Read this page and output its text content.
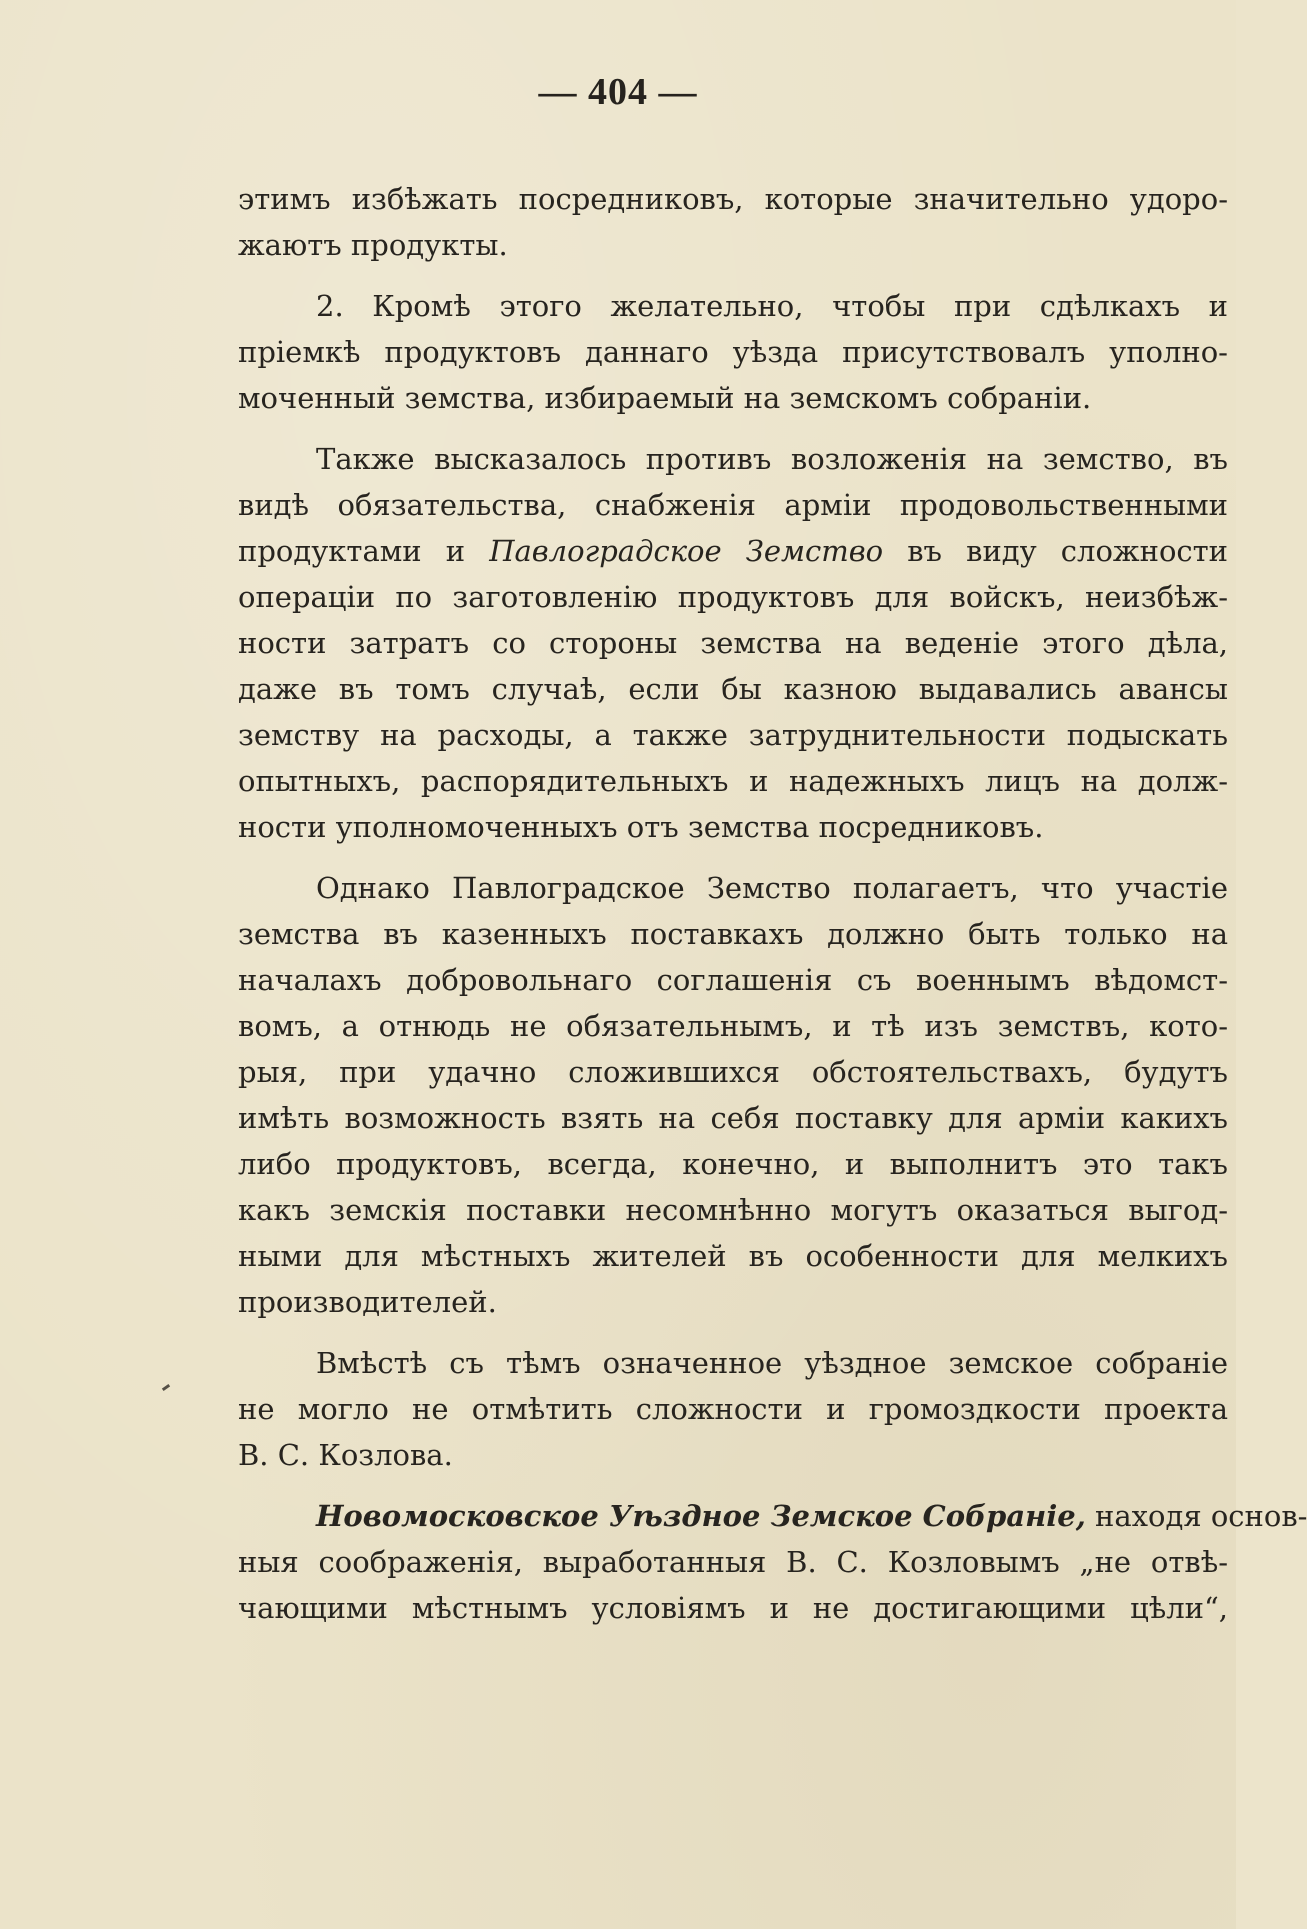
— 404 —

этимъ избѣжать посредниковъ, которые значительно удоро-
жаютъ продукты.

2. Кромѣ этого желательно, чтобы при сдѣлкахъ и
пріемкѣ продуктовъ даннаго уѣзда присутствовалъ уполно-
моченный земства, избираемый на земскомъ собраніи.

Также высказалось противъ возложенія на земство, въ
видѣ обязательства, снабженія арміи продовольственными
продуктами и Павлоградское Земство въ виду сложности
операціи по заготовленію продуктовъ для войскъ, неизбѣж-
ности затратъ со стороны земства на веденіе этого дѣла,
даже въ томъ случаѣ, если бы казною выдавались авансы
земству на расходы, а также затруднительности подыскать
опытныхъ, распорядительныхъ и надежныхъ лицъ на долж-
ности уполномоченныхъ отъ земства посредниковъ.

Однако Павлоградское Земство полагаетъ, что участіе
земства въ казенныхъ поставкахъ должно быть только на
началахъ добровольнаго соглашенія съ военнымъ вѣдомст-
вомъ, а отнюдь не обязательнымъ, и тѣ изъ земствъ, кото-
рыя, при удачно сложившихся обстоятельствахъ, будутъ
имѣть возможность взять на себя поставку для арміи какихъ
либо продуктовъ, всегда, конечно, и выполнитъ это такъ
какъ земскія поставки несомнѣнно могутъ оказаться выгод-
ными для мѣстныхъ жителей въ особенности для мелкихъ
производителей.

Вмѣстѣ съ тѣмъ означенное уѣздное земское собраніе
не могло не отмѣтить сложности и громоздкости проекта
В. С. Козлова.

Новомосковское Уѣздное Земское Собраніе, находя основ-
ныя соображенія, выработанныя В. С. Козловымъ „не отвѣ-
чающими мѣстнымъ условіямъ и не достигающими цѣли“,
